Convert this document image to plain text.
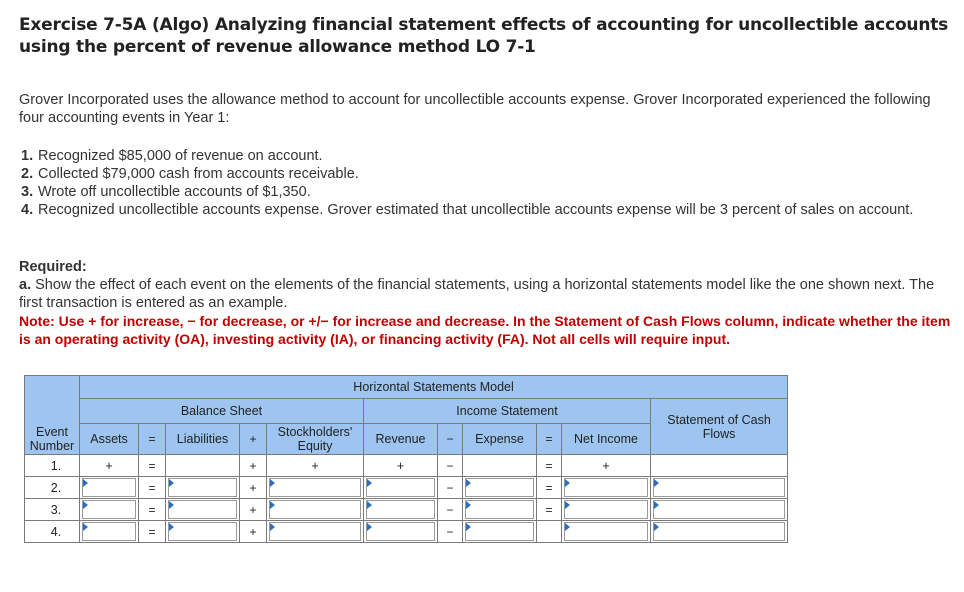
Exercise 7-5A (Algo) Analyzing financial statement effects of accounting for uncollectible accounts using the percent of revenue allowance method LO 7-1
Grover Incorporated uses the allowance method to account for uncollectible accounts expense. Grover Incorporated experienced the following four accounting events in Year 1:
1. Recognized $85,000 of revenue on account.
2. Collected $79,000 cash from accounts receivable.
3. Wrote off uncollectible accounts of $1,350.
4. Recognized uncollectible accounts expense. Grover estimated that uncollectible accounts expense will be 3 percent of sales on account.
Required:
a. Show the effect of each event on the elements of the financial statements, using a horizontal statements model like the one shown next. The first transaction is entered as an example.
Note: Use + for increase, − for decrease, or +/− for increase and decrease. In the Statement of Cash Flows column, indicate whether the item is an operating activity (OA), investing activity (IA), or financing activity (FA). Not all cells will require input.
	Horizontal Statements Model										
	Balance Sheet					Income Statement					Statement of Cash Flows
Event Number	Assets	=	Liabilities	+	Stockholders' Equity	Revenue	−	Expense	=	Net Income	
1.	+	=		+	+	+	−		=	+	
2.		=		+			−		=	

3.		=		+			−		=	

4.		=		+			−	
